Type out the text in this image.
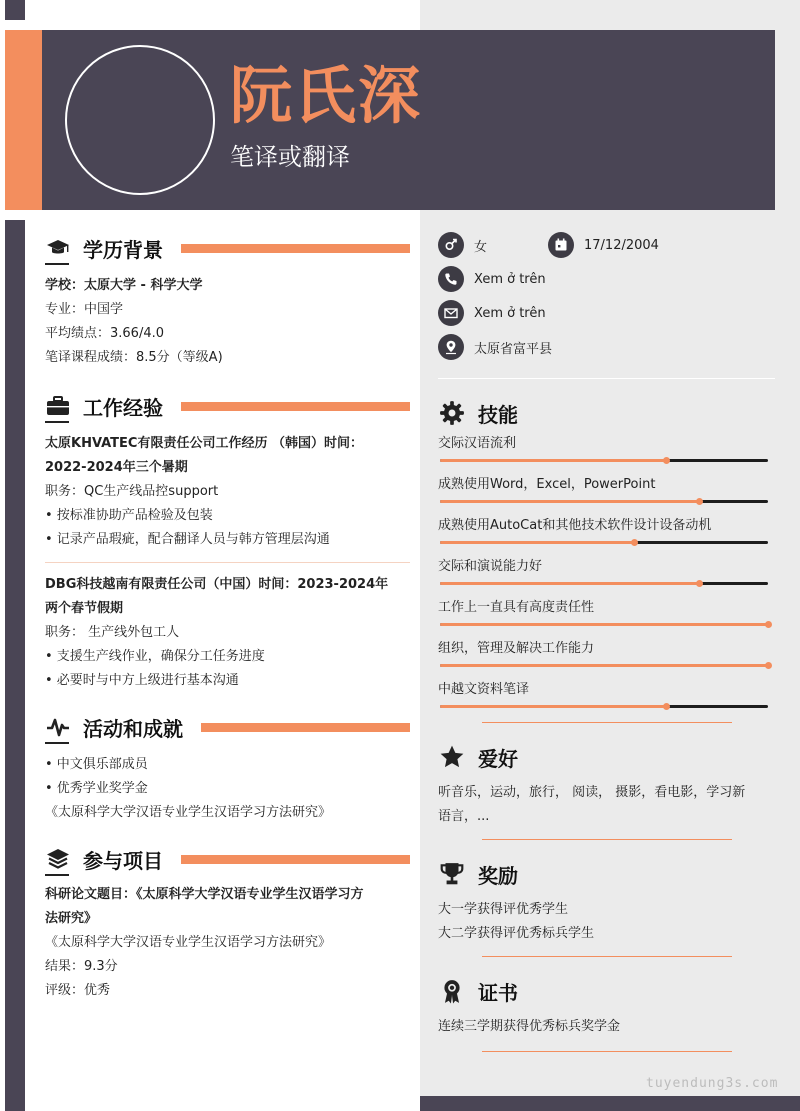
阮氏深
笔译或翻译
学历背景
学校：太原大学 - 科学大学
专业：中国学
平均绩点：3.66/4.0
笔译课程成绩：8.5分（等级A)
工作经验
太原KHVATEC有限责任公司工作经历 （韩国）时间：
2022-2024年三个暑期
职务：QC生产线品控support
• 按标准协助产品检验及包装
• 记录产品瑕疵，配合翻译人员与韩方管理层沟通
DBG科技越南有限责任公司（中国）时间：2023-2024年
两个春节假期
职务： 生产线外包工人
• 支援生产线作业，确保分工任务进度
• 必要时与中方上级进行基本沟通
活动和成就
• 中文俱乐部成员
• 优秀学业奖学金
《太原科学大学汉语专业学生汉语学习方法研究》
参与项目
科研论文题目：《太原科学大学汉语专业学生汉语学习方
法研究》
《太原科学大学汉语专业学生汉语学习方法研究》
结果：9.3分
评级：优秀
女	17/12/2004
Xem ở trên
Xem ở trên
太原省富平县
技能
交际汉语流利
成熟使用Word，Excel，PowerPoint
成熟使用AutoCat和其他技术软件设计设备动机
交际和演说能力好
工作上一直具有高度责任性
组织，管理及解决工作能力
中越文资料笔译
爱好
听音乐，运动，旅行， 阅读， 摄影，看电影，学习新
语言，...
奖励
大一学获得评优秀学生
大二学获得评优秀标兵学生
证书
连续三学期获得优秀标兵奖学金
tuyendung3s.com
